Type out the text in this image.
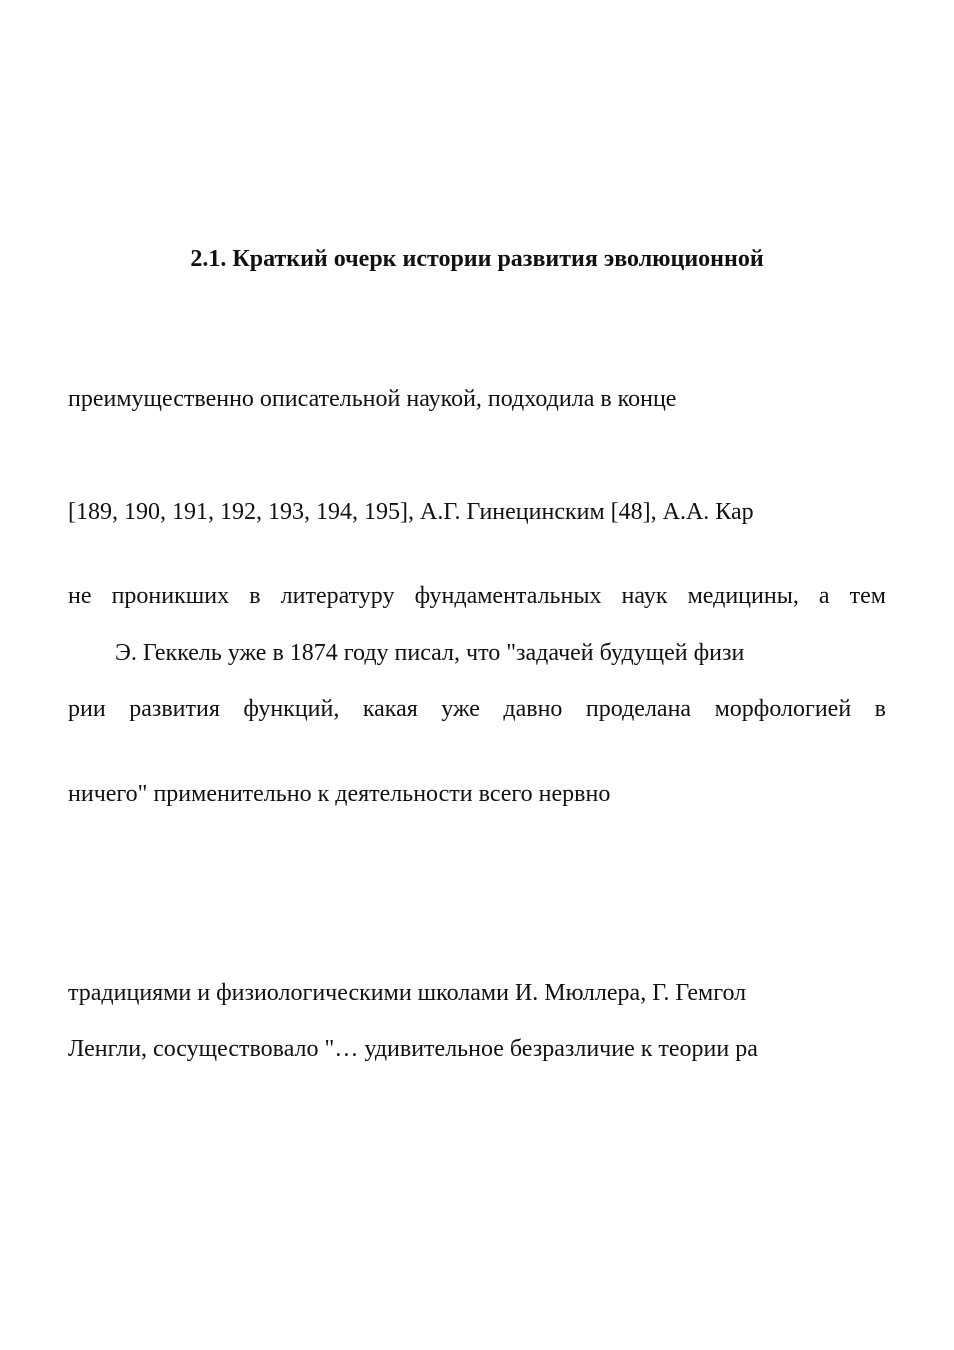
2.1. Краткий очерк истории развития эволюционной
преимущественно описательной наукой, подходила в конце
[189, 190, 191, 192, 193, 194, 195], А.Г. Гинецинским [48], А.А. Кар
не проникших в литературу фундаментальных наук медицины, а тем
Э. Геккель уже в 1874 году писал, что "задачей будущей физи
рии развития функций, какая уже давно проделана морфологией в
ничего" применительно к деятельности всего нервно
традициями и физиологическими школами И. Мюллера, Г. Гемгол
Ленгли, сосуществовало "… удивительное безразличие к теории ра
